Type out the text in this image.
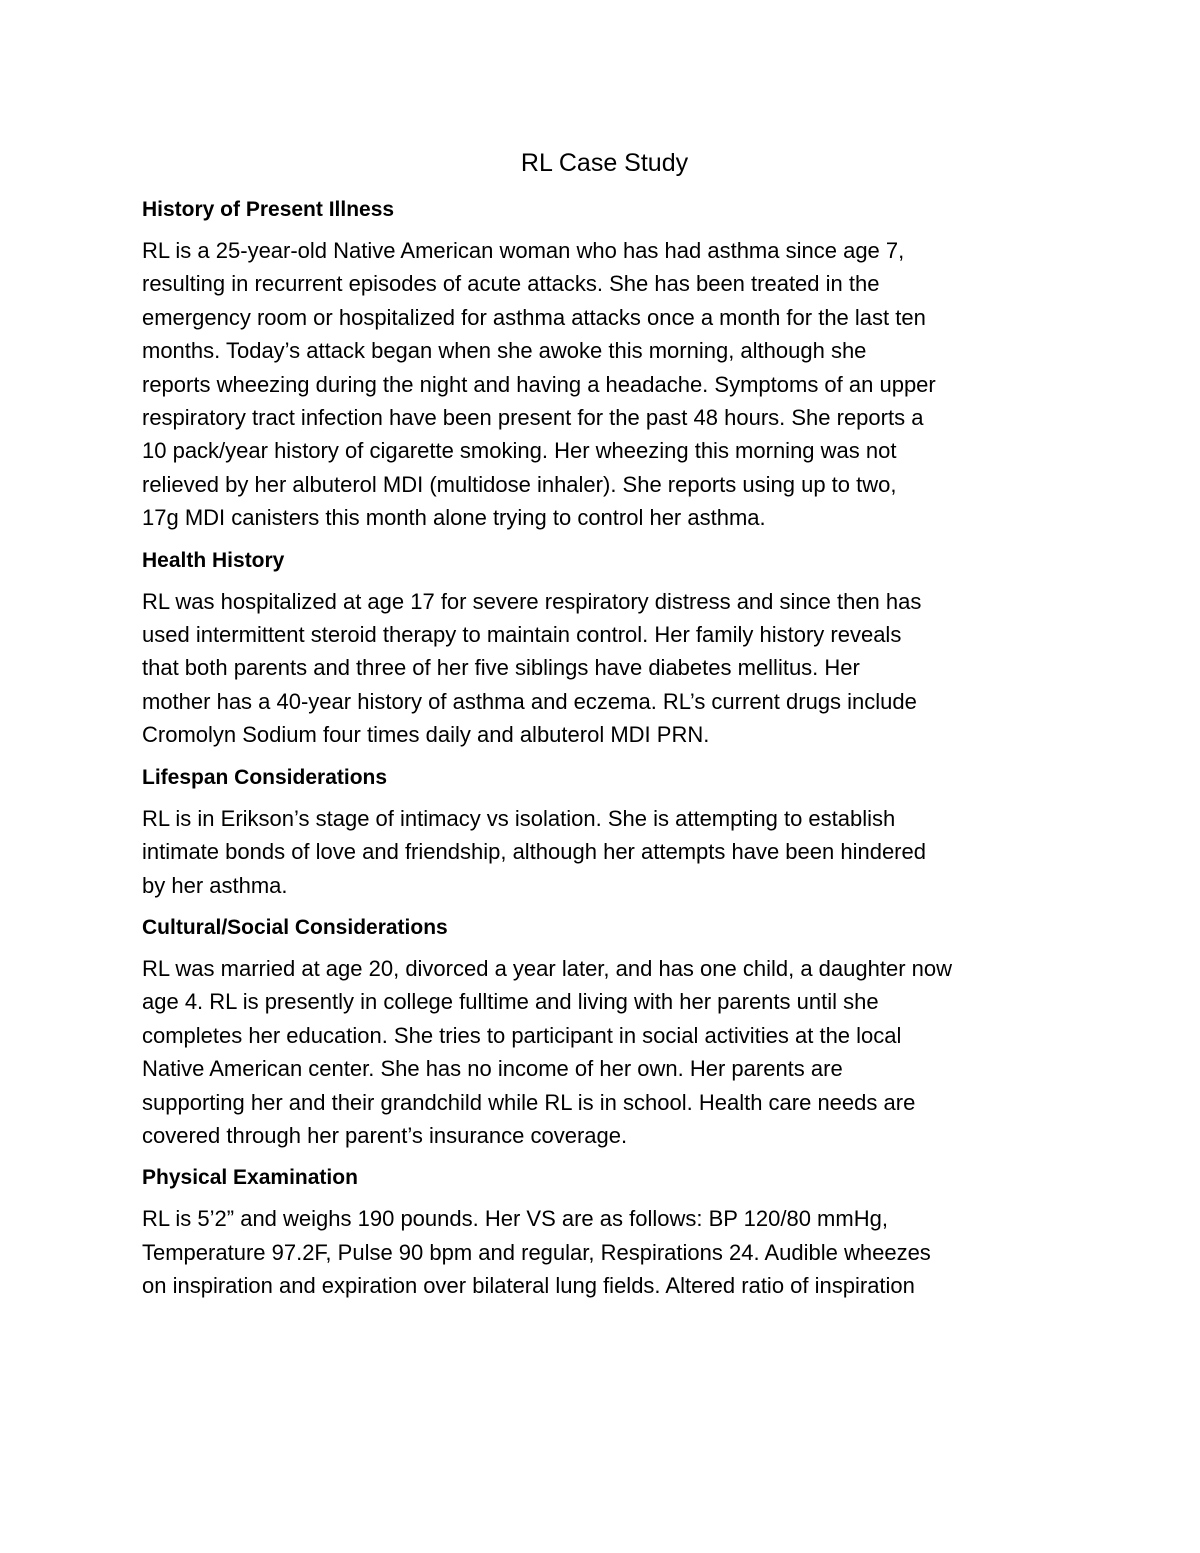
RL Case Study
History of Present Illness

RL is a 25-year-old Native American woman who has had asthma since age 7,
resulting in recurrent episodes of acute attacks. She has been treated in the
emergency room or hospitalized for asthma attacks once a month for the last ten
months. Today’s attack began when she awoke this morning, although she
reports wheezing during the night and having a headache. Symptoms of an upper
respiratory tract infection have been present for the past 48 hours. She reports a
10 pack/year history of cigarette smoking. Her wheezing this morning was not
relieved by her albuterol MDI (multidose inhaler). She reports using up to two,
17g MDI canisters this month alone trying to control her asthma.

Health History

RL was hospitalized at age 17 for severe respiratory distress and since then has
used intermittent steroid therapy to maintain control. Her family history reveals
that both parents and three of her five siblings have diabetes mellitus. Her
mother has a 40-year history of asthma and eczema. RL’s current drugs include
Cromolyn Sodium four times daily and albuterol MDI PRN.

Lifespan Considerations

RL is in Erikson’s stage of intimacy vs isolation. She is attempting to establish
intimate bonds of love and friendship, although her attempts have been hindered
by her asthma.

Cultural/Social Considerations

RL was married at age 20, divorced a year later, and has one child, a daughter now
age 4. RL is presently in college fulltime and living with her parents until she
completes her education. She tries to participant in social activities at the local
Native American center. She has no income of her own. Her parents are
supporting her and their grandchild while RL is in school. Health care needs are
covered through her parent’s insurance coverage.

Physical Examination

RL is 5’2” and weighs 190 pounds. Her VS are as follows: BP 120/80 mmHg,
Temperature 97.2F, Pulse 90 bpm and regular, Respirations 24. Audible wheezes
on inspiration and expiration over bilateral lung fields. Altered ratio of inspiration
